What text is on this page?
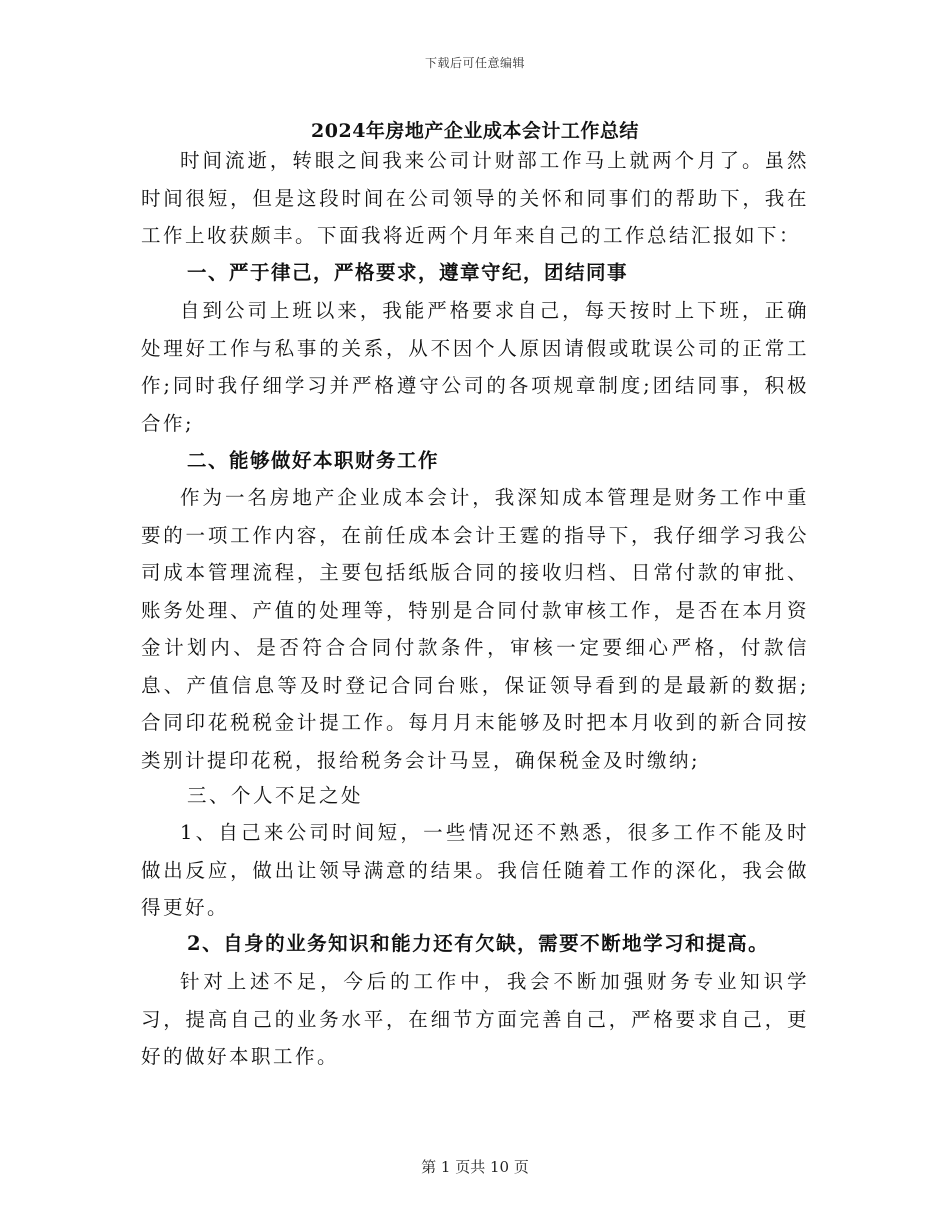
下载后可任意编辑
2024年房地产企业成本会计工作总结

时间流逝，转眼之间我来公司计财部工作马上就两个月了。虽然时间很短，但是这段时间在公司领导的关怀和同事们的帮助下，我在工作上收获颇丰。下面我将近两个月年来自己的工作总结汇报如下：

一、严于律己，严格要求，遵章守纪，团结同事

自到公司上班以来，我能严格要求自己，每天按时上下班，正确处理好工作与私事的关系，从不因个人原因请假或耽误公司的正常工作;同时我仔细学习并严格遵守公司的各项规章制度;团结同事，积极合作;

二、能够做好本职财务工作

作为一名房地产企业成本会计，我深知成本管理是财务工作中重要的一项工作内容，在前任成本会计王霆的指导下，我仔细学习我公司成本管理流程，主要包括纸版合同的接收归档、日常付款的审批、账务处理、产值的处理等，特别是合同付款审核工作，是否在本月资金计划内、是否符合合同付款条件，审核一定要细心严格，付款信息、产值信息等及时登记合同台账，保证领导看到的是最新的数据;合同印花税税金计提工作。每月月末能够及时把本月收到的新合同按类别计提印花税，报给税务会计马昱，确保税金及时缴纳;

三、个人不足之处

1、自己来公司时间短，一些情况还不熟悉，很多工作不能及时做出反应，做出让领导满意的结果。我信任随着工作的深化，我会做得更好。

2、自身的业务知识和能力还有欠缺，需要不断地学习和提高。

针对上述不足，今后的工作中，我会不断加强财务专业知识学习，提高自己的业务水平，在细节方面完善自己，严格要求自己，更好的做好本职工作。

第 1 页共 10 页
